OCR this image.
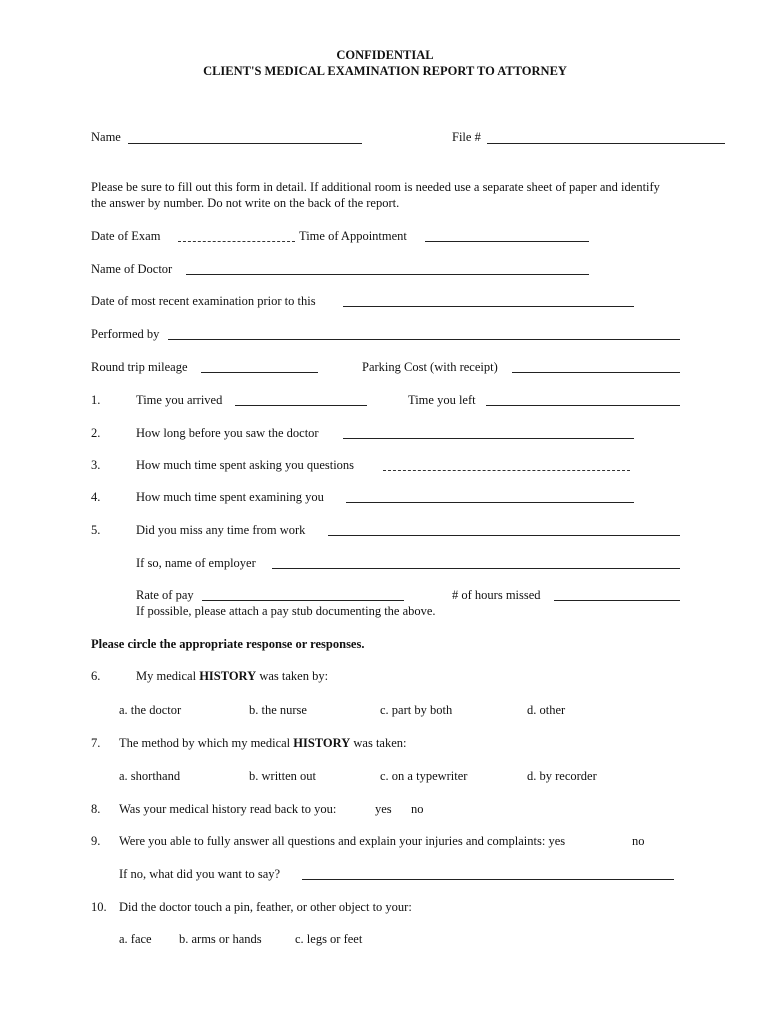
CONFIDENTIAL
CLIENT'S MEDICAL EXAMINATION REPORT TO ATTORNEY
Name	File #
Please be sure to fill out this form in detail. If additional room is needed use a separate sheet of paper and identify
the answer by number. Do not write on the back of the report.
Date of Exam	Time of Appointment
Name of Doctor
Date of most recent examination prior to this
Performed by
Round trip mileage	Parking Cost (with receipt)
1.	Time you arrived	Time you left
2.	How long before you saw the doctor
3.	How much time spent asking you questions
4.	How much time spent examining you
5.	Did you miss any time from work
If so, name of employer
Rate of pay	# of hours missed
If possible, please attach a pay stub documenting the above.
Please circle the appropriate response or responses.
6.	My medical HISTORY was taken by:
a. the doctor	b. the nurse	c. part by both	d. other
7. The method by which my medical HISTORY was taken:
a. shorthand	b. written out	c. on a typewriter	d. by recorder
8. Was your medical history read back to you:	yes no
9. Were you able to fully answer all questions and explain your injuries and complaints: yes	no
If no, what did you want to say?
10. Did the doctor touch a pin, feather, or other object to your:
a. face b. arms or hands	c. legs or feet
